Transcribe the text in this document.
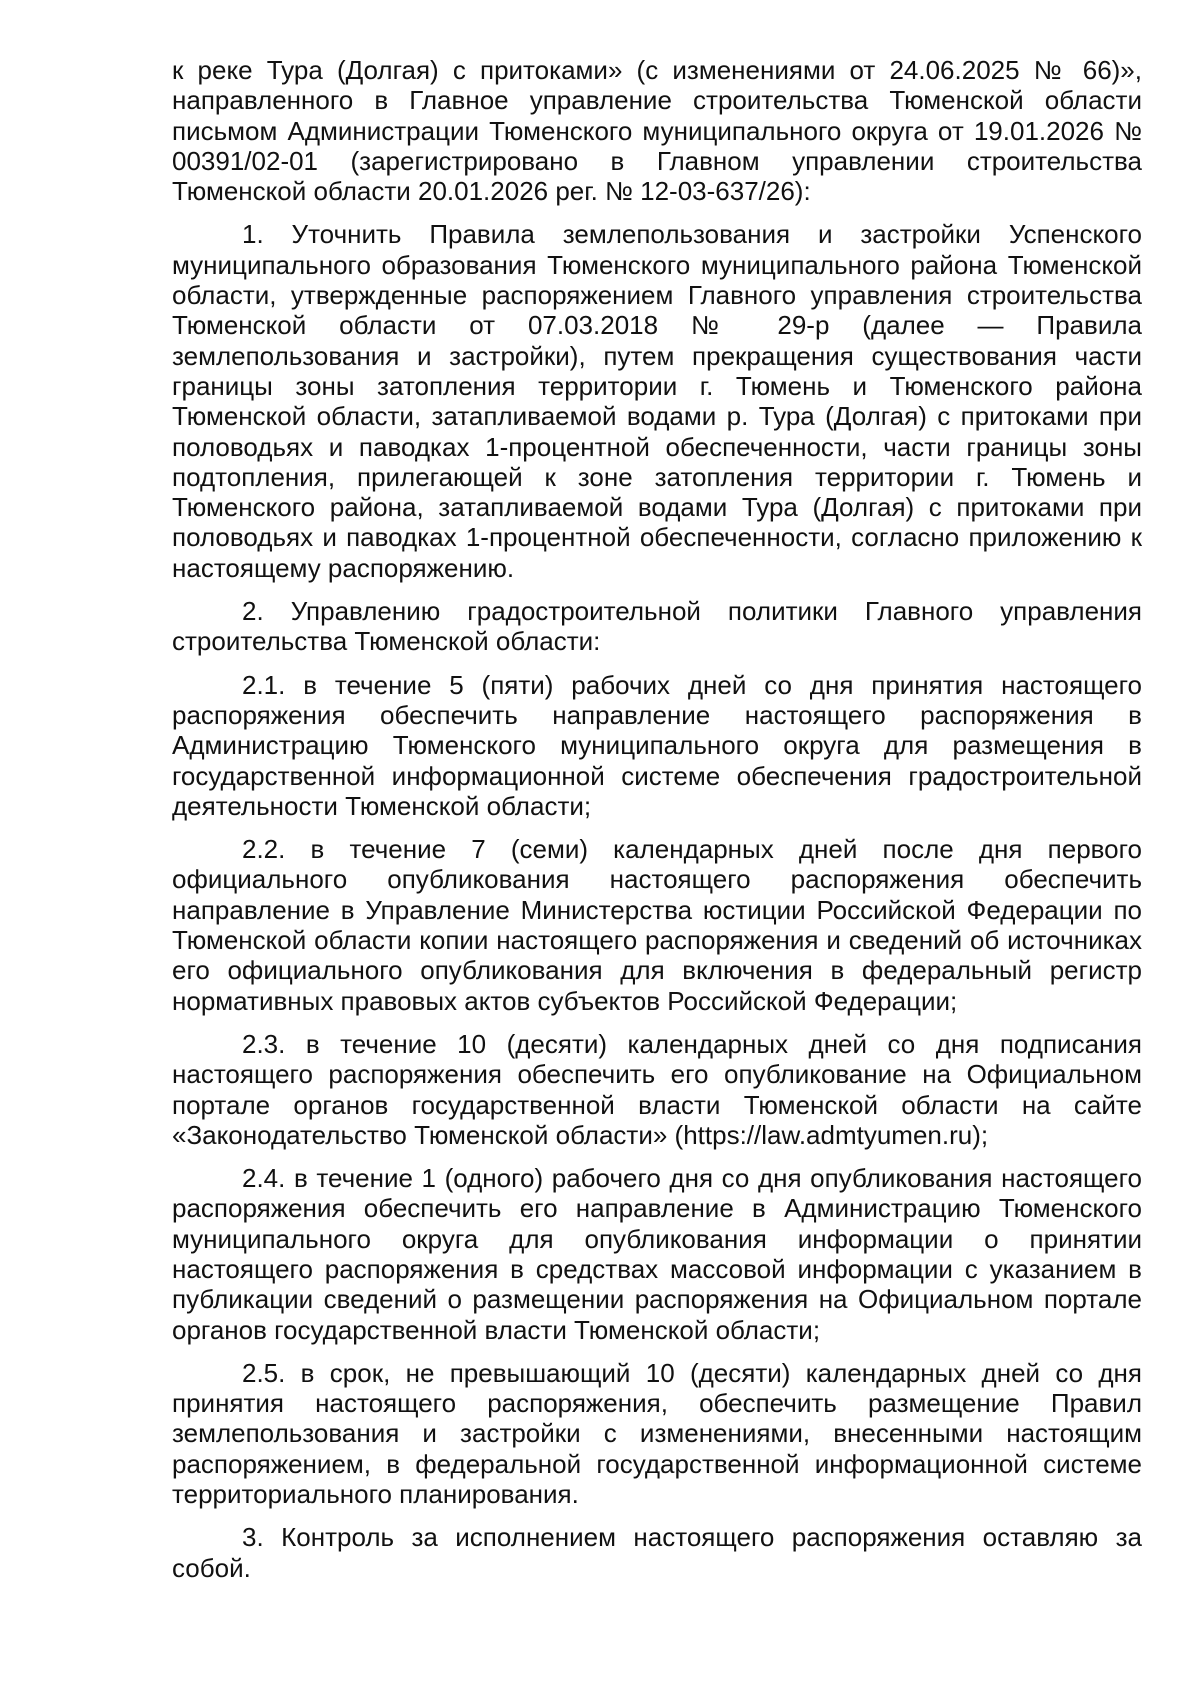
к реке Тура (Долгая) с притоками» (с изменениями от 24.06.2025 № 66)», направленного в Главное управление строительства Тюменской области письмом Администрации Тюменского муниципального округа от 19.01.2026 № 00391/02-01 (зарегистрировано в Главном управлении строительства Тюменской области 20.01.2026 рег. № 12-03-637/26):

1. Уточнить Правила землепользования и застройки Успенского муниципального образования Тюменского муниципального района Тюменской области, утвержденные распоряжением Главного управления строительства Тюменской области от 07.03.2018 № 29-р (далее — Правила землепользования и застройки), путем прекращения существования части границы зоны затопления территории г. Тюмень и Тюменского района Тюменской области, затапливаемой водами р. Тура (Долгая) с притоками при половодьях и паводках 1-процентной обеспеченности, части границы зоны подтопления, прилегающей к зоне затопления территории г. Тюмень и Тюменского района, затапливаемой водами Тура (Долгая) с притоками при половодьях и паводках 1-процентной обеспеченности, согласно приложению к настоящему распоряжению.

2. Управлению градостроительной политики Главного управления строительства Тюменской области:

2.1. в течение 5 (пяти) рабочих дней со дня принятия настоящего распоряжения обеспечить направление настоящего распоряжения в Администрацию Тюменского муниципального округа для размещения в государственной информационной системе обеспечения градостроительной деятельности Тюменской области;

2.2. в течение 7 (семи) календарных дней после дня первого официального опубликования настоящего распоряжения обеспечить направление в Управление Министерства юстиции Российской Федерации по Тюменской области копии настоящего распоряжения и сведений об источниках его официального опубликования для включения в федеральный регистр нормативных правовых актов субъектов Российской Федерации;

2.3. в течение 10 (десяти) календарных дней со дня подписания настоящего распоряжения обеспечить его опубликование на Официальном портале органов государственной власти Тюменской области на сайте «Законодательство Тюменской области» (https://law.admtyumen.ru);

2.4. в течение 1 (одного) рабочего дня со дня опубликования настоящего распоряжения обеспечить его направление в Администрацию Тюменского муниципального округа для опубликования информации о принятии настоящего распоряжения в средствах массовой информации с указанием в публикации сведений о размещении распоряжения на Официальном портале органов государственной власти Тюменской области;

2.5. в срок, не превышающий 10 (десяти) календарных дней со дня принятия настоящего распоряжения, обеспечить размещение Правил землепользования и застройки с изменениями, внесенными настоящим распоряжением, в федеральной государственной информационной системе территориального планирования.

3. Контроль за исполнением настоящего распоряжения оставляю за собой.
